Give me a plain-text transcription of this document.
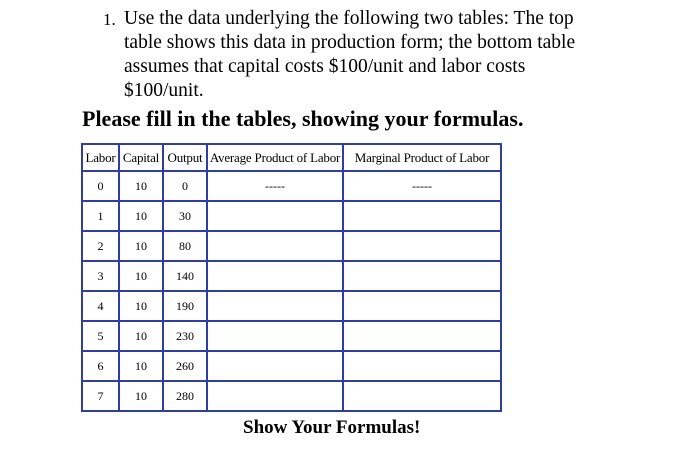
1. Use the data underlying the following two tables: The top
table shows this data in production form; the bottom table
assumes that capital costs $100/unit and labor costs
$100/unit.
Please fill in the tables, showing your formulas.
Labor	Capital	Output	Average Product of Labor	Marginal Product of Labor
0	10	0	-----	-----
1	10	30		
2	10	80		
3	10	140		
4	10	190		
5	10	230		
6	10	260		
7	10	280		
Show Your Formulas!
